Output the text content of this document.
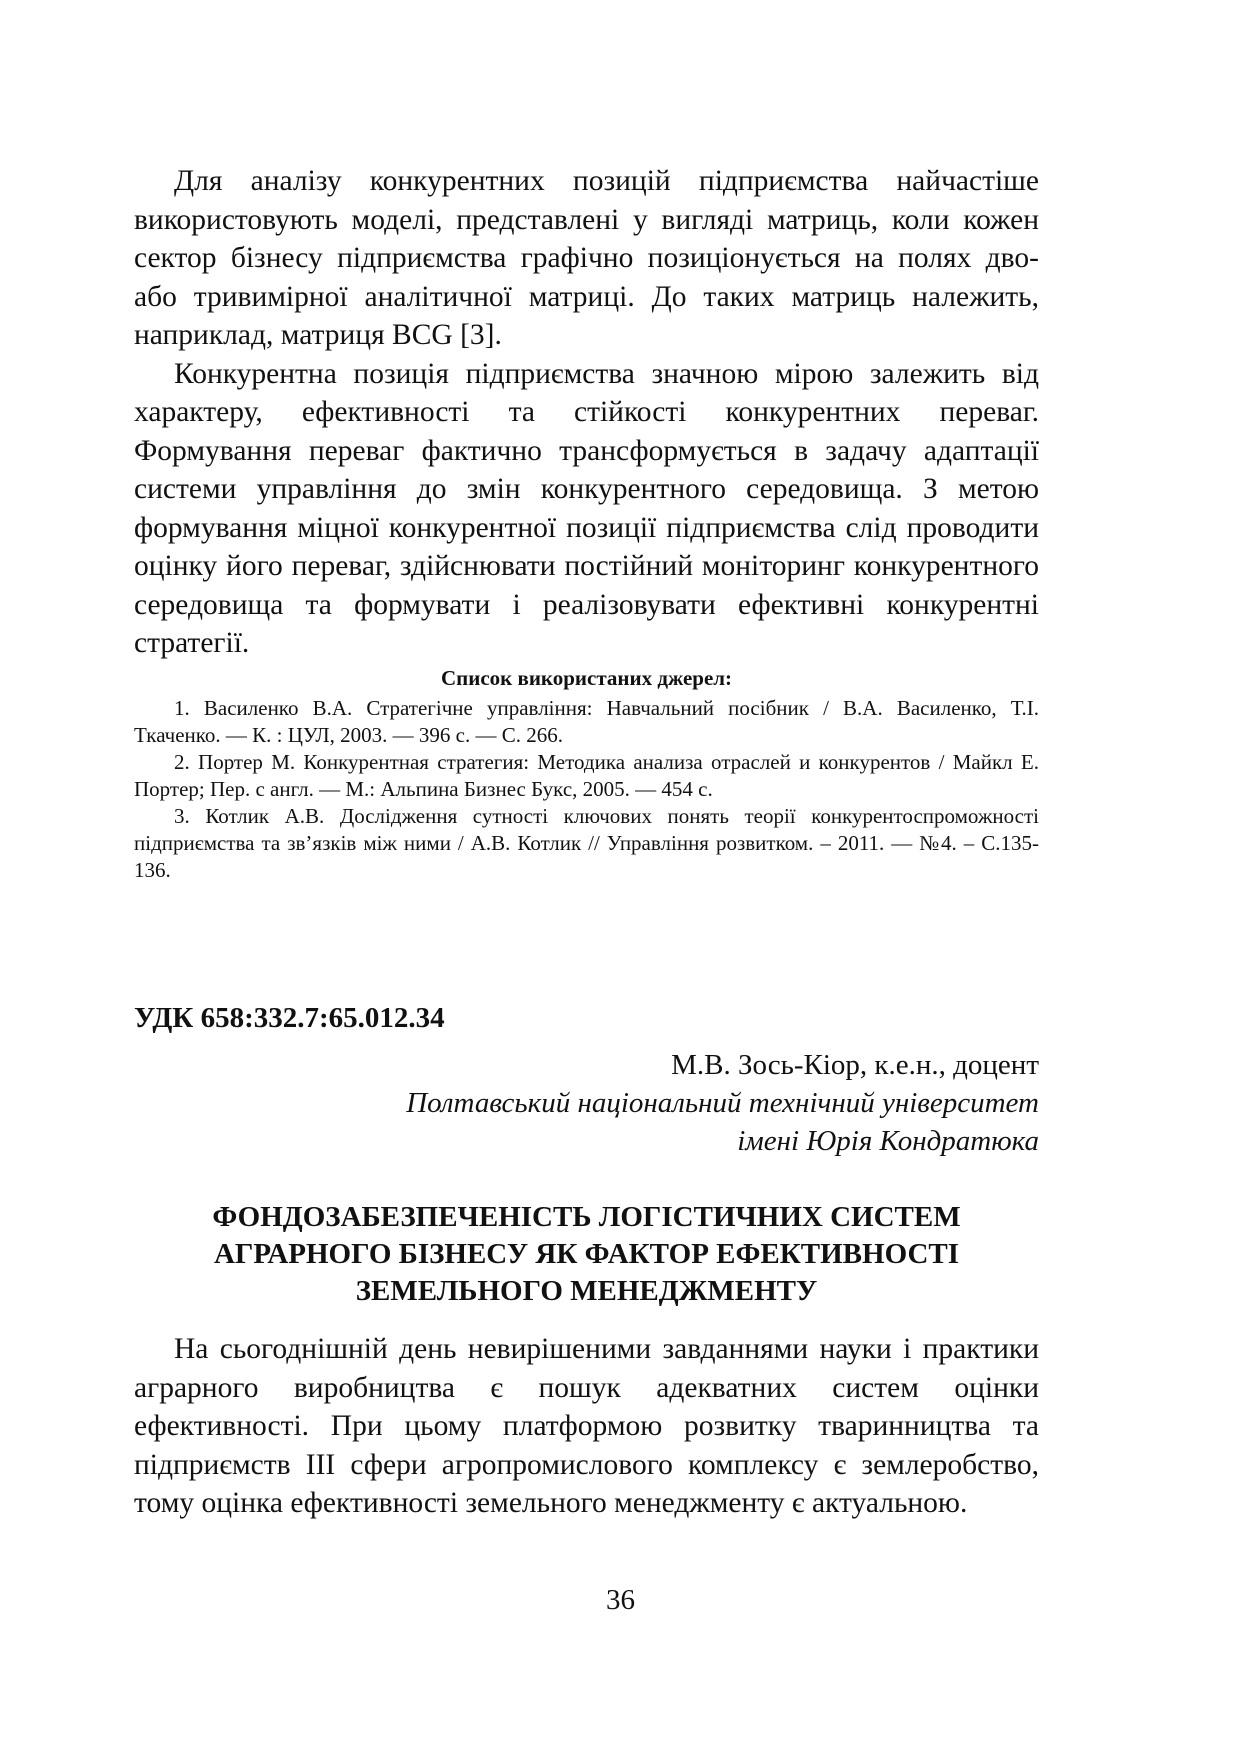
Для аналізу конкурентних позицій підприємства найчастіше використовують моделі, представлені у вигляді матриць, коли кожен сектор бізнесу підприємства графічно позиціонується на полях дво- або тривимірної аналітичної матриці. До таких матриць належить, наприклад, матриця BCG [3].

Конкурентна позиція підприємства значною мірою залежить від характеру, ефективності та стійкості конкурентних переваг. Формування переваг фактично трансформується в задачу адаптації системи управління до змін конкурентного середовища. З метою формування міцної конкурентної позиції підприємства слід проводити оцінку його переваг, здійснювати постійний моніторинг конкурентного середовища та формувати і реалізовувати ефективні конкурентні стратегії.

Список використаних джерел:

1. Василенко В.А. Стратегічне управління: Навчальний посібник / В.А. Василенко, Т.І. Ткаченко. — К. : ЦУЛ, 2003. — 396 с. — С. 266.

2. Портер М. Конкурентная стратегия: Методика анализа отраслей и конкурентов / Майкл Е. Портер; Пер. с англ. — М.: Альпина Бизнес Букс, 2005. — 454 с.

3. Котлик А.В. Дослідження сутності ключових понять теорії конкурентоспроможності підприємства та зв’язків між ними / А.В. Котлик // Управління розвитком. – 2011. — №4. – С.135-136.

УДК 658:332.7:65.012.34

М.В. Зось-Кіор, к.е.н., доцент

Полтавський національний технічний університет

імені Юрія Кондратюка

ФОНДОЗАБЕЗПЕЧЕНІСТЬ ЛОГІСТИЧНИХ СИСТЕМ
АГРАРНОГО БІЗНЕСУ ЯК ФАКТОР ЕФЕКТИВНОСТІ
ЗЕМЕЛЬНОГО МЕНЕДЖМЕНТУ

На сьогоднішній день невирішеними завданнями науки і практики аграрного виробництва є пошук адекватних систем оцінки ефективності. При цьому платформою розвитку тваринництва та підприємств ІІІ сфери агропромислового комплексу є землеробство, тому оцінка ефективності земельного менеджменту є актуальною.

36
